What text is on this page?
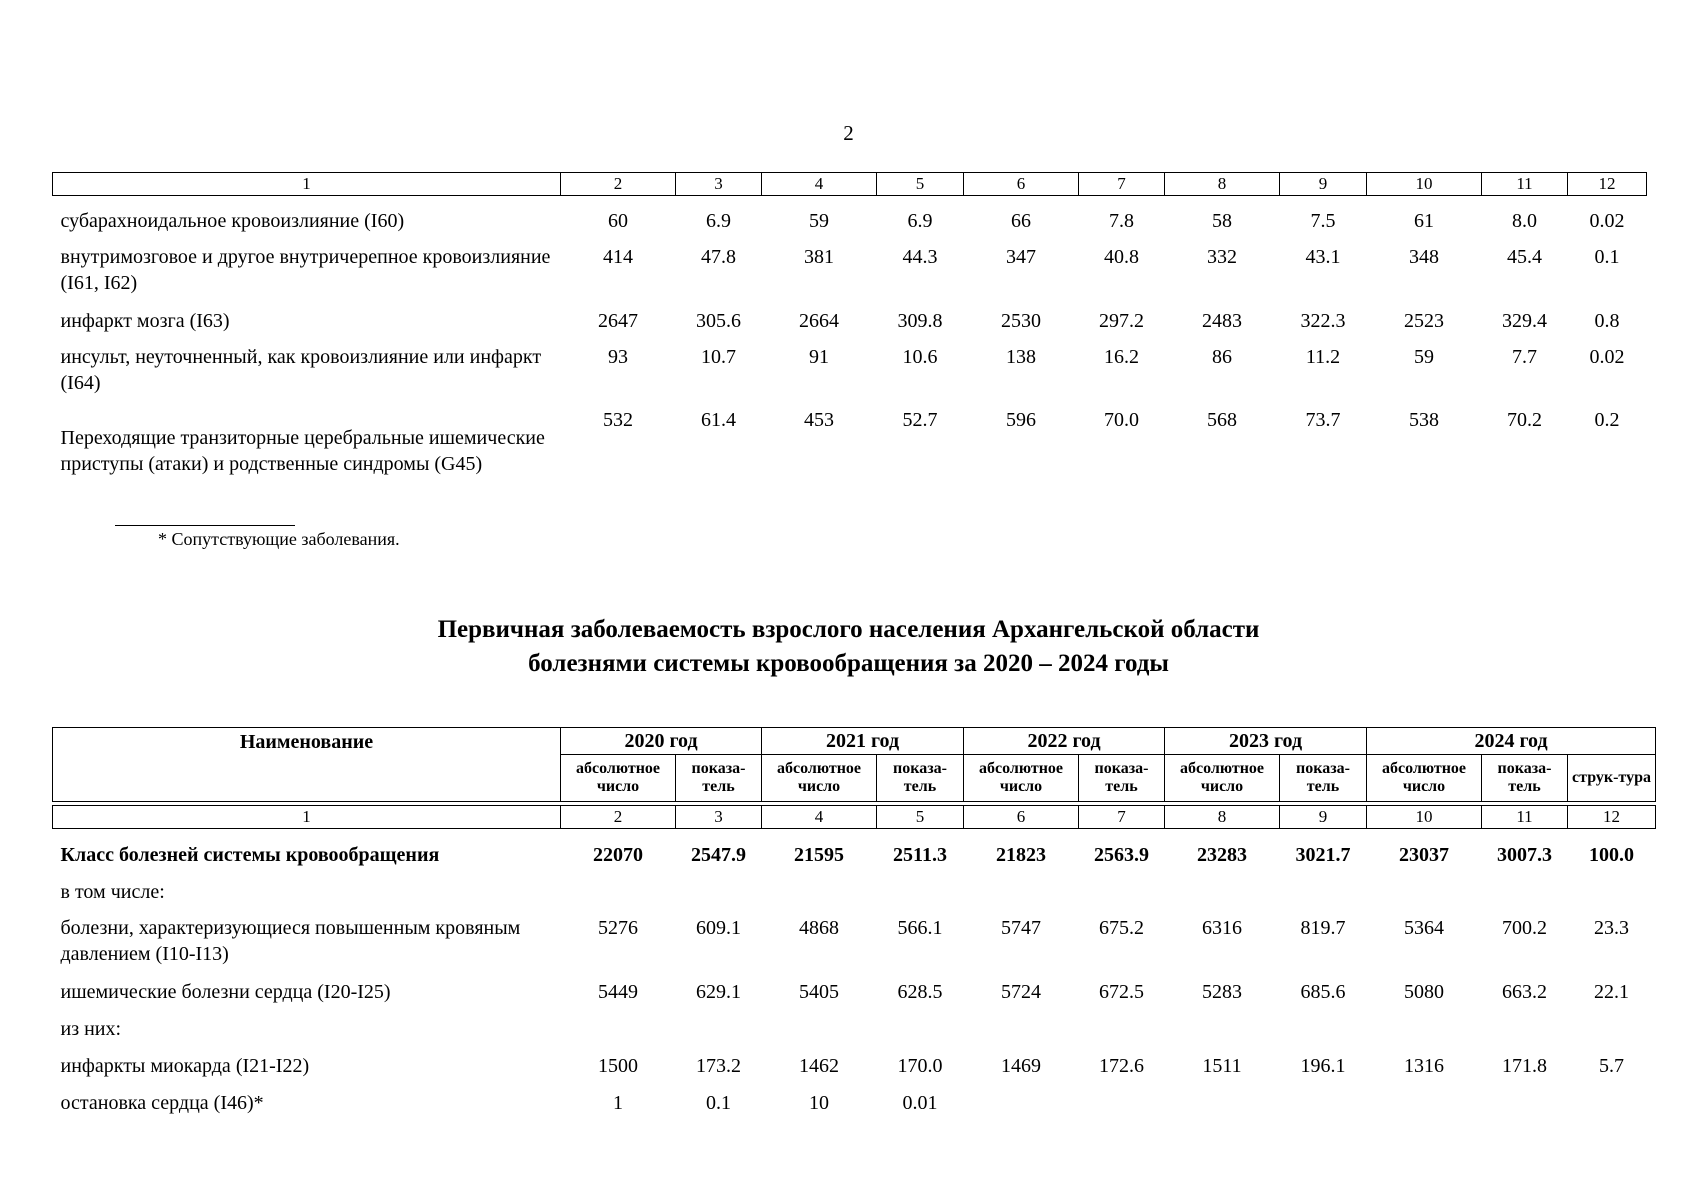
2
1	2	3	4	5	6	7	8	9	10	11	12
субарахноидальное кровоизлияние (I60)	60	6.9	59	6.9	66	7.8	58	7.5	61	8.0	0.02
внутримозговое и другое внутричерепное кровоизлияние (I61, I62)	414	47.8	381	44.3	347	40.8	332	43.1	348	45.4	0.1
инфаркт мозга (I63)	2647	305.6	2664	309.8	2530	297.2	2483	322.3	2523	329.4	0.8
инсульт, неуточненный, как кровоизлияние или инфаркт (I64)	93	10.7	91	10.6	138	16.2	86	11.2	59	7.7	0.02
Переходящие транзиторные церебральные ишемические приступы (атаки) и родственные синдромы (G45)	532	61.4	453	52.7	596	70.0	568	73.7	538	70.2	0.2
* Сопутствующие заболевания.
Первичная заболеваемость взрослого населения Архангельской области
болезнями системы кровообращения за 2020 – 2024 годы
Наименование	2020 год		2021 год		2022 год		2023 год		2024 год		
	абсолютное число	показа-тель	абсолютное число	показа-тель	абсолютное число	показа-тель	абсолютное число	показа-тель	абсолютное число	показа-тель	струк-тура

1	2	3	4	5	6	7	8	9	10	11	12
Класс болезней системы кровообращения	22070	2547.9	21595	2511.3	21823	2563.9	23283	3021.7	23037	3007.3	100.0
в том числе:											
болезни, характеризующиеся повышенным кровяным давлением (I10-I13)	5276	609.1	4868	566.1	5747	675.2	6316	819.7	5364	700.2	23.3
ишемические болезни сердца (I20-I25)	5449	629.1	5405	628.5	5724	672.5	5283	685.6	5080	663.2	22.1
из них:											
инфаркты миокарда (I21-I22)	1500	173.2	1462	170.0	1469	172.6	1511	196.1	1316	171.8	5.7
остановка сердца (I46)*	1	0.1	10	0.01							
